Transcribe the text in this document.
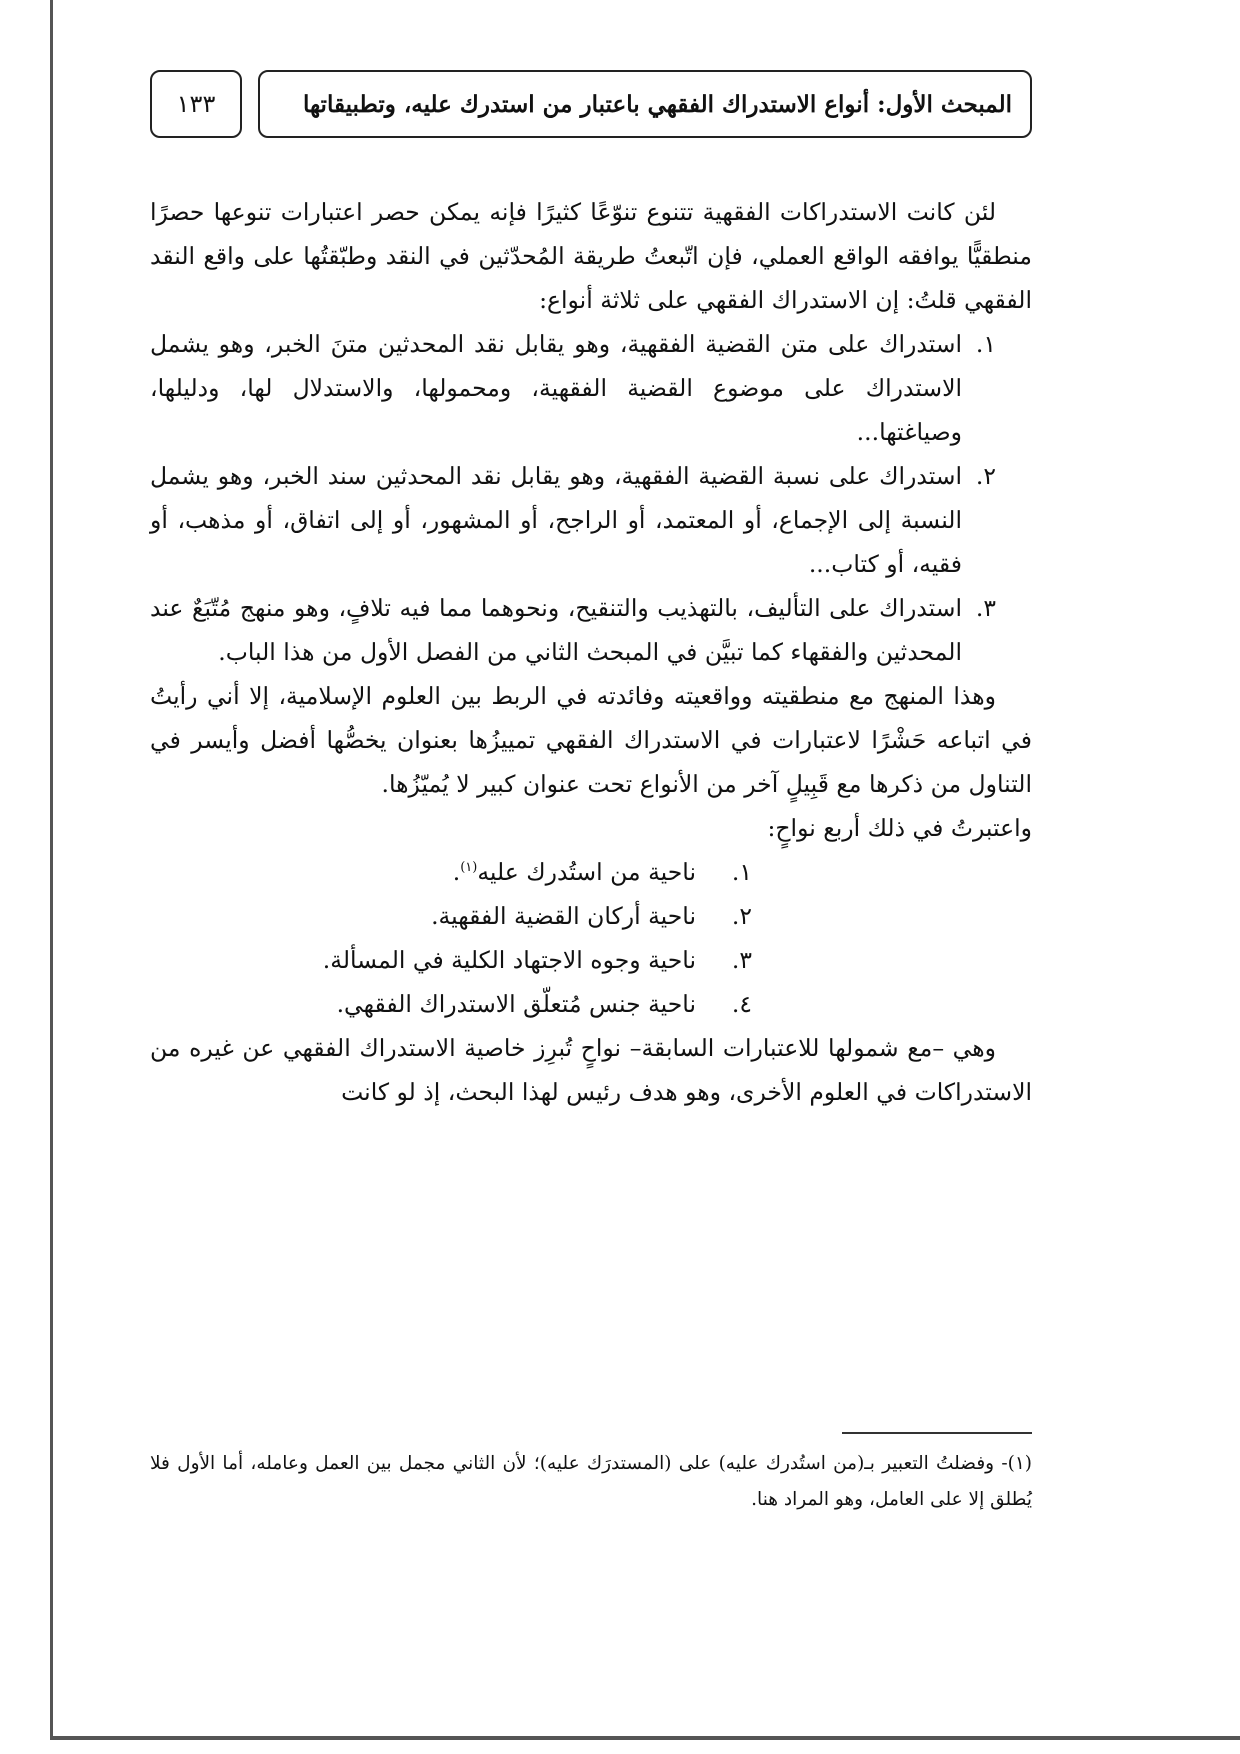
١٣٣	المبحث الأول: أنواع الاستدراك الفقهي باعتبار من استدرك عليه، وتطبيقاتها

لئن كانت الاستدراكات الفقهية تتنوع تنوّعًا كثيرًا فإنه يمكن حصر اعتبارات تنوعها حصرًا منطقيًّا يوافقه الواقع العملي، فإن اتّبعتُ طريقة المُحدّثين في النقد وطبّقتُها على واقع النقد الفقهي قلتُ: إن الاستدراك الفقهي على ثلاثة أنواع:

١.
استدراك على متن القضية الفقهية، وهو يقابل نقد المحدثين متنَ الخبر، وهو يشمل الاستدراك على موضوع القضية الفقهية، ومحمولها، والاستدلال لها، ودليلها، وصياغتها...
٢.
استدراك على نسبة القضية الفقهية، وهو يقابل نقد المحدثين سند الخبر، وهو يشمل النسبة إلى الإجماع، أو المعتمد، أو الراجح، أو المشهور، أو إلى اتفاق، أو مذهب، أو فقيه، أو كتاب...
٣.
استدراك على التأليف، بالتهذيب والتنقيح، ونحوهما مما فيه تلافٍ، وهو منهج مُتّبَعٌ عند المحدثين والفقهاء كما تبيَّن في المبحث الثاني من الفصل الأول من هذا الباب.

وهذا المنهج مع منطقيته وواقعيته وفائدته في الربط بين العلوم الإسلامية، إلا أني رأيتُ في اتباعه حَشْرًا لاعتبارات في الاستدراك الفقهي تمييزُها بعنوان يخصُّها أفضل وأيسر في التناول من ذكرها مع قَبِيلٍ آخر من الأنواع تحت عنوان كبير لا يُميّزُها.

واعتبرتُ في ذلك أربع نواحٍ:

١.
ناحية من استُدرك عليه$^{(١)}$.
٢.
ناحية أركان القضية الفقهية.
٣.
ناحية وجوه الاجتهاد الكلية في المسألة.
٤.
ناحية جنس مُتعلّق الاستدراك الفقهي.

وهي –مع شمولها للاعتبارات السابقة– نواحٍ تُبرِز خاصية الاستدراك الفقهي عن غيره من الاستدراكات في العلوم الأخرى، وهو هدف رئيس لهذا البحث، إذ لو كانت

(١)- وفضلتُ التعبير بـ(من استُدرك عليه) على (المستدرَك عليه)؛ لأن الثاني مجمل بين العمل وعامله، أما الأول فلا يُطلق إلا على العامل، وهو المراد هنا.
